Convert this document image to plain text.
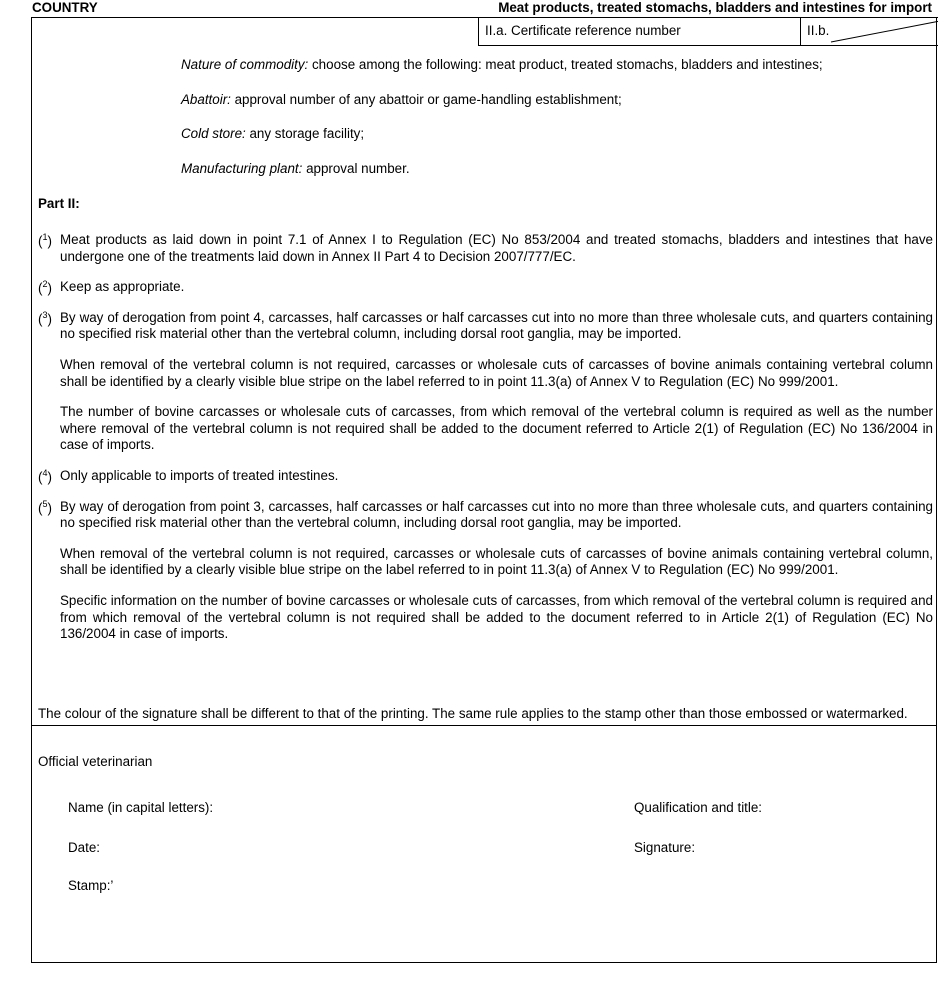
COUNTRY	Meat products, treated stomachs, bladders and intestines for import
II.a. Certificate reference number	II.b.

Nature of commodity: choose among the following: meat product, treated stomachs, bladders and intestines;

Abattoir: approval number of any abattoir or game-handling establishment;

Cold store: any storage facility;

Manufacturing plant: approval number.

Part II:
($^1$) Meat products as laid down in point 7.1 of Annex I to Regulation (EC) No 853/2004 and treated stomachs, bladders and intestines that have undergone one of the treatments laid down in Annex II Part 4 to Decision 2007/777/EC.

($^2$) Keep as appropriate.

($^3$) By way of derogation from point 4, carcasses, half carcasses or half carcasses cut into no more than three wholesale cuts, and quarters containing no specified risk material other than the vertebral column, including dorsal root ganglia, may be imported.

When removal of the vertebral column is not required, carcasses or wholesale cuts of carcasses of bovine animals containing vertebral column shall be identified by a clearly visible blue stripe on the label referred to in point 11.3(a) of Annex V to Regulation (EC) No 999/2001.

The number of bovine carcasses or wholesale cuts of carcasses, from which removal of the vertebral column is required as well as the number where removal of the vertebral column is not required shall be added to the document referred to Article 2(1) of Regulation (EC) No 136/2004 in case of imports.

($^4$) Only applicable to imports of treated intestines.

($^5$) By way of derogation from point 3, carcasses, half carcasses or half carcasses cut into no more than three wholesale cuts, and quarters containing no specified risk material other than the vertebral column, including dorsal root ganglia, may be imported.

When removal of the vertebral column is not required, carcasses or wholesale cuts of carcasses of bovine animals containing vertebral column, shall be identified by a clearly visible blue stripe on the label referred to in point 11.3(a) of Annex V to Regulation (EC) No 999/2001.

Specific information on the number of bovine carcasses or wholesale cuts of carcasses, from which removal of the vertebral column is required and from which removal of the vertebral column is not required shall be added to the document referred to in Article 2(1) of Regulation (EC) No 136/2004 in case of imports.

The colour of the signature shall be different to that of the printing. The same rule applies to the stamp other than those embossed or watermarked.
Official veterinarian
Name (in capital letters):	Qualification and title:
Date:	Signature:
Stamp:’
